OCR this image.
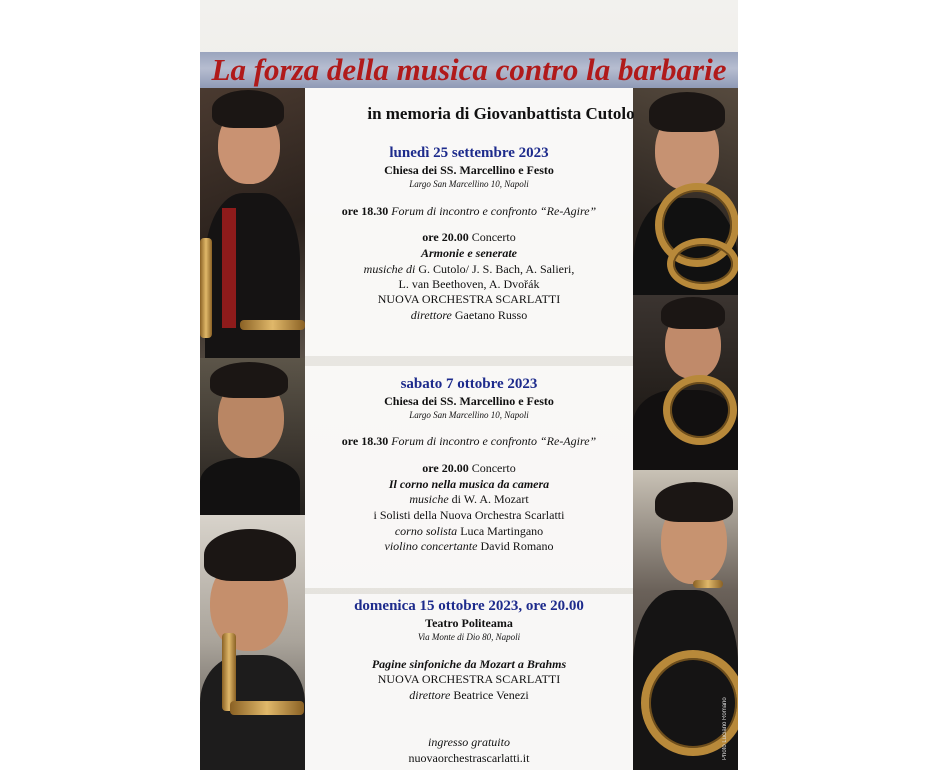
in memoria di Giovanbattista Cutolo
lunedì 25 settembre 2023
Chiesa dei SS. Marcellino e Festo
Largo San Marcellino 10, Napoli
ore 18.30 Forum di incontro e confronto “Re-Agire”
ore 20.00 Concerto
Armonie e senerate
musiche di G. Cutolo/ J. S. Bach, A. Salieri,
L. van Beethoven, A. Dvořák
NUOVA ORCHESTRA SCARLATTI
direttore Gaetano Russo
sabato 7 ottobre 2023
Chiesa dei SS. Marcellino e Festo
Largo San Marcellino 10, Napoli
ore 18.30 Forum di incontro e confronto “Re-Agire”
ore 20.00 Concerto
Il corno nella musica da camera
musiche di W. A. Mozart
i Solisti della Nuova Orchestra Scarlatti
corno solista Luca Martingano
violino concertante David Romano
domenica 15 ottobre 2023, ore 20.00
Teatro Politeama
Via Monte di Dio 80, Napoli
Pagine sinfoniche da Mozart a Brahms
NUOVA ORCHESTRA SCARLATTI
direttore Beatrice Venezi
ingresso gratuito
nuovaorchestrascarlatti.it
La forza della musica contro la barbarie
Photo Luciano Romano
